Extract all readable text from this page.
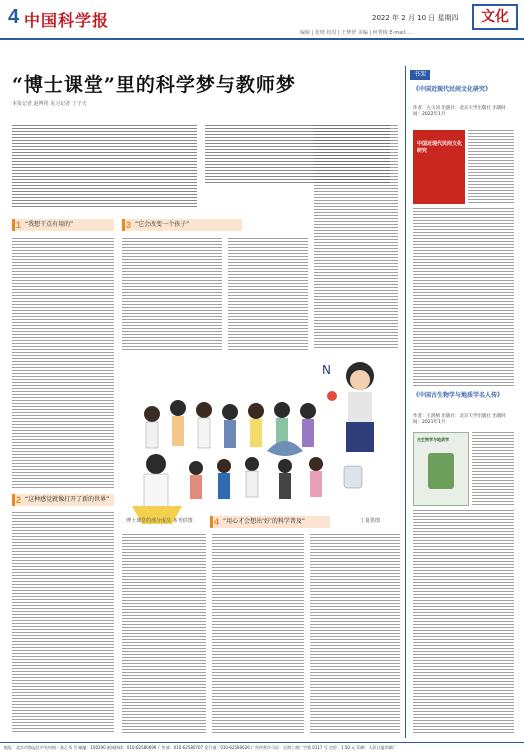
4 中国科学报	2022 年 2 月 10 日 星期四	文化
编辑 | 张晴 校对 | 王梦舒 美编 | 何秀梅 E-mail: ...
“博士课堂”里的科学梦与教师梦
本报记者 赵博彤 见习记者 丁子夫
1 “我想干点有用的”
2 “这种感觉就像打开了新的世界”
3 “它会改变一个孩子”
N
博士课堂的部分成员 本刊供图	丁夏供图
4 “用心才会想出‘好’的科学普及”
书架
《中国近现代民间文化研究》
作者：左玉河 出版社：北京大学出版社 出版时间：2022年1月
中国近现代民间文化研究
《中国古生物学与地质学名人传》
作者：王鸿桢 出版社：北京大学出版社 出版时间：2021年1月
古生物学与地质学
地址：北京市海淀区中关村南一条乙 6 号 邮编：100190 新闻热线：010-62580699 广告部：010-62580707 发行部：010-62580626 广告经营许可证：京海工商广字第 0117 号 定价：1.50 元 印刷：人民日报印刷厂
